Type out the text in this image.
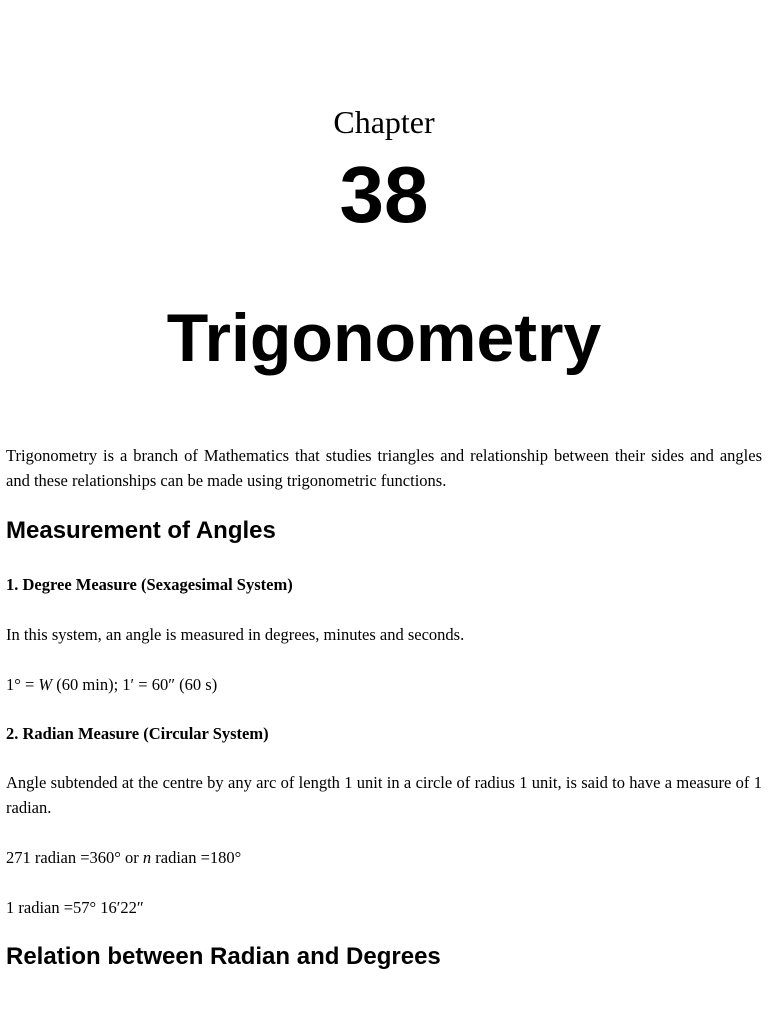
Chapter
38
Trigonometry

Trigonometry is a branch of Mathematics that studies triangles and relationship between their sides and angles and these relationships can be made using trigonometric functions.

Measurement of Angles

1. Degree Measure (Sexagesimal System)

In this system, an angle is measured in degrees, minutes and seconds.

1° = W (60 min); 1′ = 60″ (60 s)

2. Radian Measure (Circular System)

Angle subtended at the centre by any arc of length 1 unit in a circle of radius 1 unit, is said to have a measure of 1 radian.

271 radian =360° or n radian =180°

1 radian =57° 16′22″

Relation between Radian and Degrees
